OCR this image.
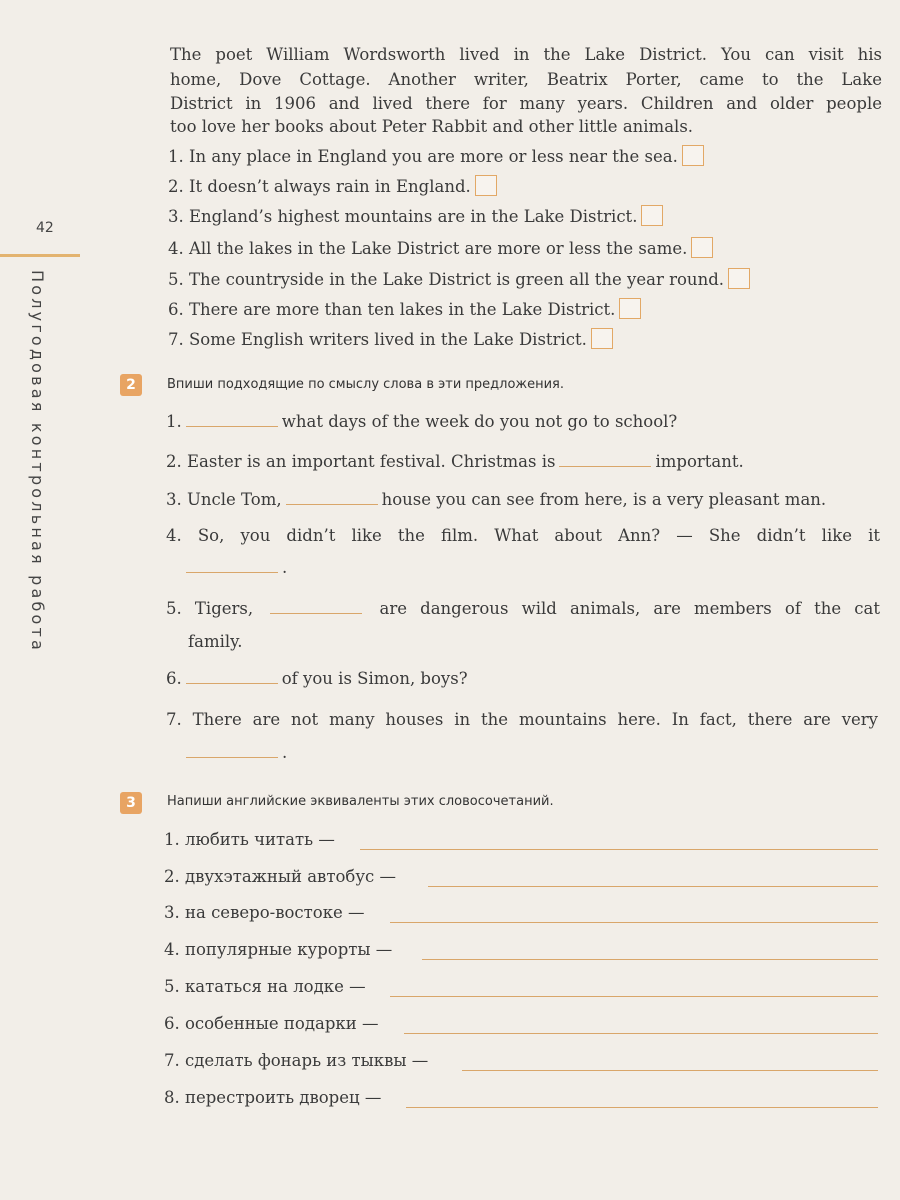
42
Полугодовая контрольная работа
The poet William Wordsworth lived in the Lake District. You can visit his
home, Dove Cottage. Another writer, Beatrix Porter, came to the Lake
District in 1906 and lived there for many years. Children and older people
too love her books about Peter Rabbit and other little animals.
1. In any place in England you are more or less near the sea.
2. It doesn’t always rain in England.
3. England’s highest mountains are in the Lake District.
4. All the lakes in the Lake District are more or less the same.
5. The countryside in the Lake District is green all the year round.
6. There are more than ten lakes in the Lake District.
7. Some English writers lived in the Lake District.
2	Впиши подходящие по смыслу слова в эти предложения.
1.	what days of the week do you not go to school?
2. Easter is an important festival. Christmas is	important.
3. Uncle Tom,	house you can see from here, is a very pleasant man.
4. So, you didn’t like the film. What about Ann? — She didn’t like it
.
5. Tigers,	are dangerous wild animals, are members of the cat
family.
6.	of you is Simon, boys?
7. There are not many houses in the mountains here. In fact, there are very
.
3	Напиши английские эквиваленты этих словосочетаний.
1. любить читать —
2. двухэтажный автобус —
3. на северо-востоке —
4. популярные курорты —
5. кататься на лодке —
6. особенные подарки —
7. сделать фонарь из тыквы —
8. перестроить дворец —
